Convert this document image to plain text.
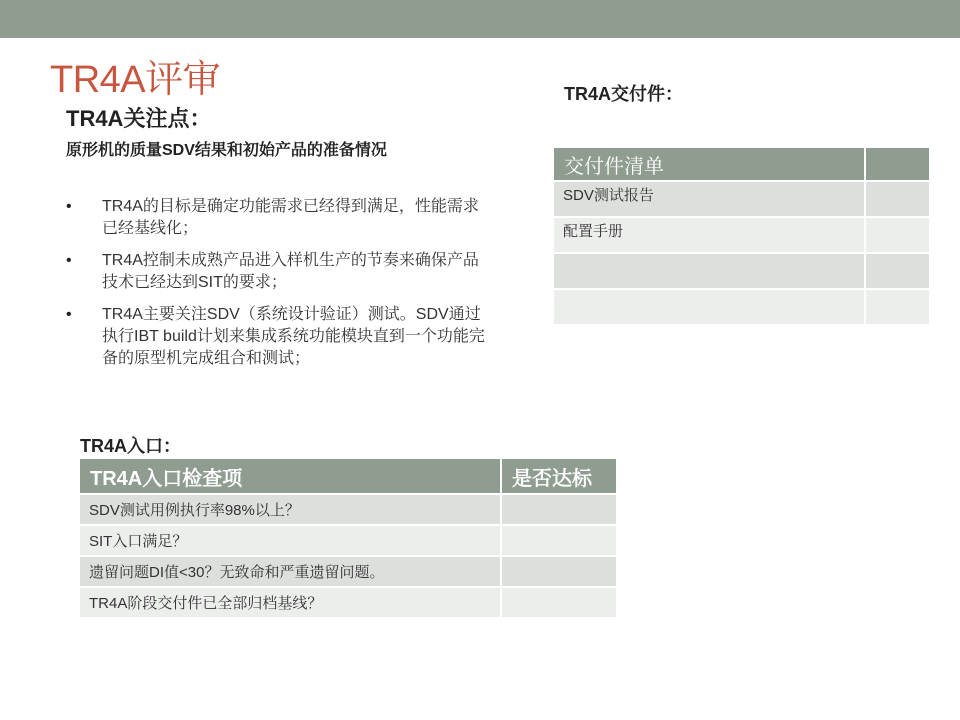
TR4A评审
TR4A关注点：
原形机的质量SDV结果和初始产品的准备情况
• TR4A的目标是确定功能需求已经得到满足，性能需求已经基线化；
• TR4A控制未成熟产品进入样机生产的节奏来确保产品技术已经达到SIT的要求；
• TR4A主要关注SDV（系统设计验证）测试。SDV通过执行IBT build计划来集成系统功能模块直到一个功能完备的原型机完成组合和测试；
TR4A交付件：
交付件清单	
SDV测试报告	
配置手册	

TR4A入口：
TR4A入口检查项	是否达标
SDV测试用例执行率98%以上？	
SIT入口满足？	
遗留问题DI值<30？无致命和严重遗留问题。	
TR4A阶段交付件已全部归档基线？	
